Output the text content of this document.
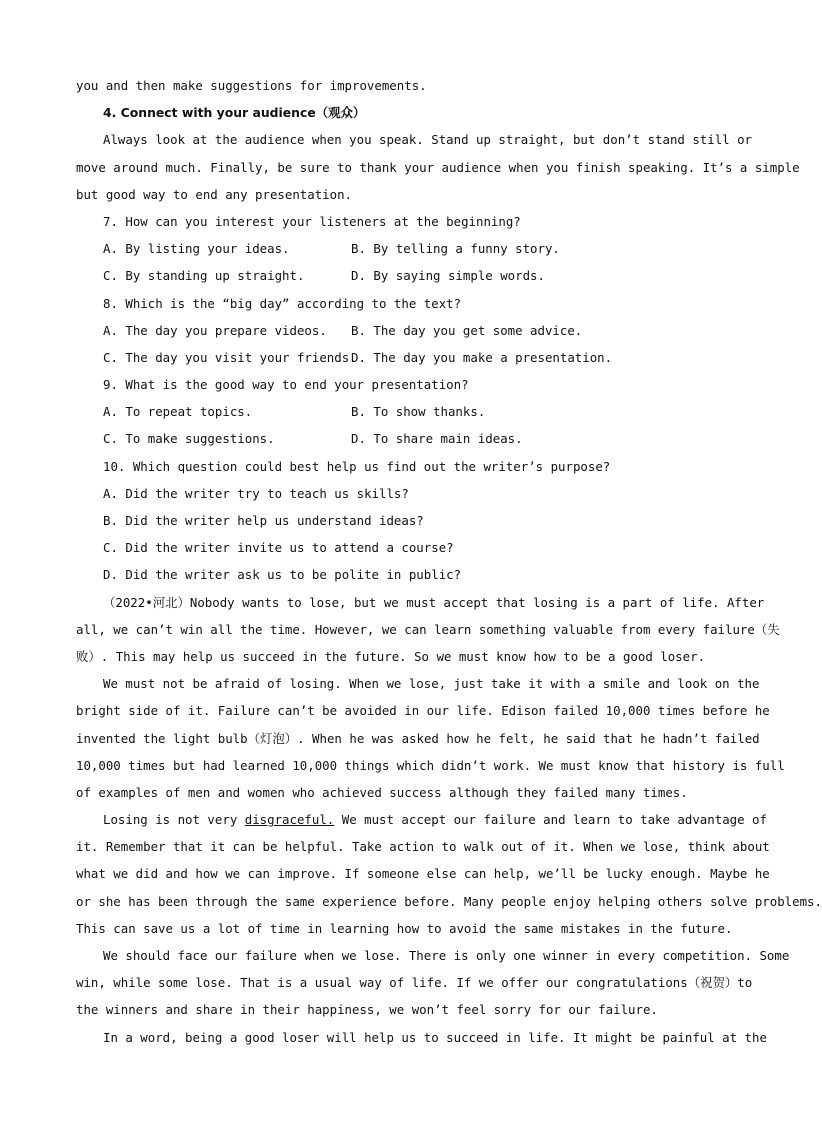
you and then make suggestions for improvements.
4. Connect with your audience（观众）
Always look at the audience when you speak. Stand up straight, but don’t stand still or
move around much. Finally, be sure to thank your audience when you finish speaking. It’s a simple
but good way to end any presentation.
7. How can you interest your listeners at the beginning?
A. By listing your ideas.	B. By telling a funny story.
C. By standing up straight.	D. By saying simple words.
8. Which is the “big day” according to the text?
A. The day you prepare videos. B. The day you get some advice.
C. The day you visit your friends.D. The day you make a presentation.
9. What is the good way to end your presentation?
A. To repeat topics.	B. To show thanks.
C. To make suggestions.	D. To share main ideas.
10. Which question could best help us find out the writer’s purpose?
A. Did the writer try to teach us skills?
B. Did the writer help us understand ideas?
C. Did the writer invite us to attend a course?
D. Did the writer ask us to be polite in public?
（2022•河北）Nobody wants to lose, but we must accept that losing is a part of life. After
all, we can’t win all the time. However, we can learn something valuable from every failure（失
败）. This may help us succeed in the future. So we must know how to be a good loser.
We must not be afraid of losing. When we lose, just take it with a smile and look on the
bright side of it. Failure can’t be avoided in our life. Edison failed 10,000 times before he
invented the light bulb（灯泡）. When he was asked how he felt, he said that he hadn’t failed
10,000 times but had learned 10,000 things which didn’t work. We must know that history is full
of examples of men and women who achieved success although they failed many times.
Losing is not very disgraceful. We must accept our failure and learn to take advantage of
it. Remember that it can be helpful. Take action to walk out of it. When we lose, think about
what we did and how we can improve. If someone else can help, we’ll be lucky enough. Maybe he
or she has been through the same experience before. Many people enjoy helping others solve problems.
This can save us a lot of time in learning how to avoid the same mistakes in the future.
We should face our failure when we lose. There is only one winner in every competition. Some
win, while some lose. That is a usual way of life. If we offer our congratulations（祝贺）to
the winners and share in their happiness, we won’t feel sorry for our failure.
In a word, being a good loser will help us to succeed in life. It might be painful at the
